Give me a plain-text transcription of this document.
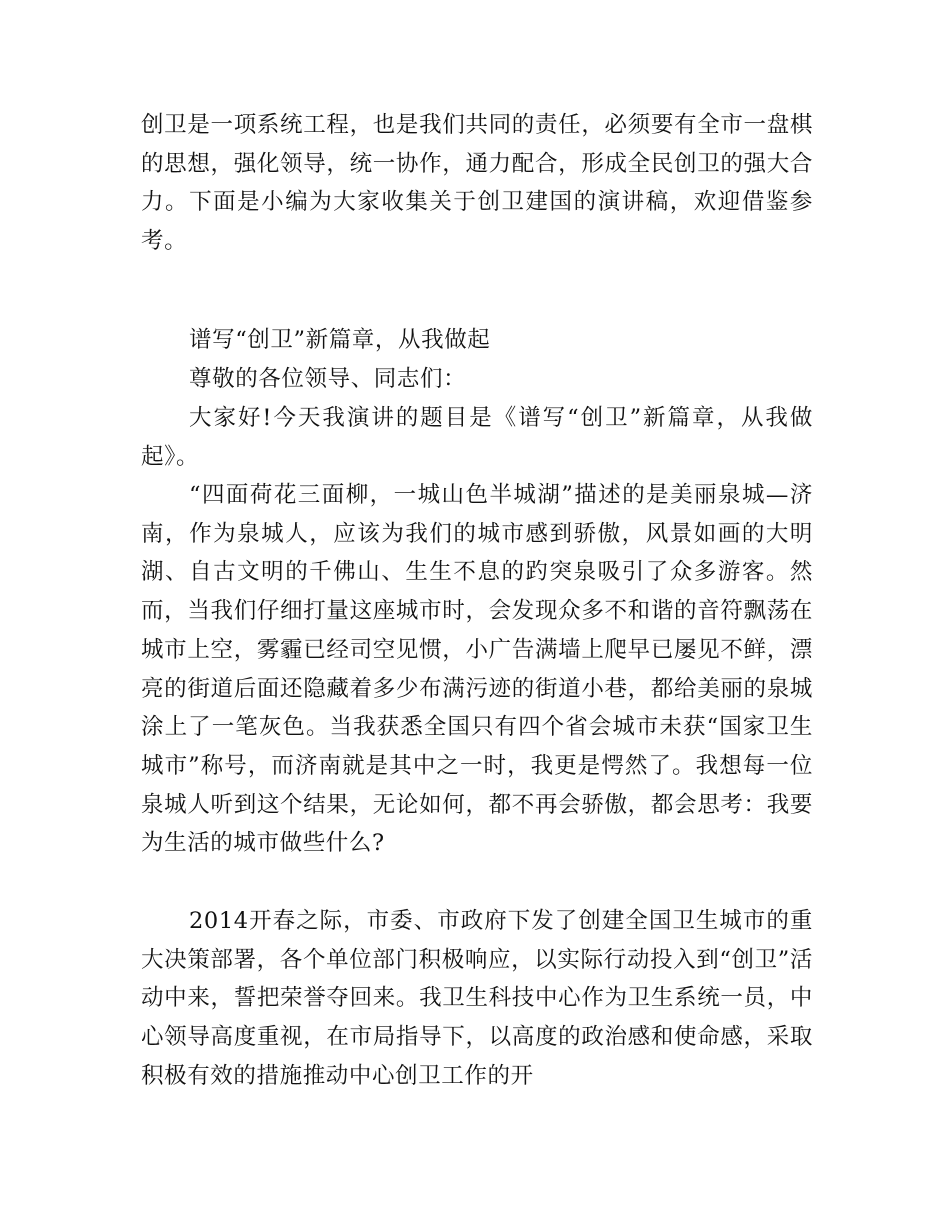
创卫是一项系统工程，也是我们共同的责任，必须要有全市一盘棋的思想，强化领导，统一协作，通力配合，形成全民创卫的强大合力。下面是小编为大家收集关于创卫建国的演讲稿，欢迎借鉴参考。

谱写“创卫”新篇章，从我做起

尊敬的各位领导、同志们：

大家好!今天我演讲的题目是《谱写“创卫”新篇章，从我做起》。

“四面荷花三面柳，一城山色半城湖”描述的是美丽泉城—济南，作为泉城人，应该为我们的城市感到骄傲，风景如画的大明湖、自古文明的千佛山、生生不息的趵突泉吸引了众多游客。然而，当我们仔细打量这座城市时，会发现众多不和谐的音符飘荡在城市上空，雾霾已经司空见惯，小广告满墙上爬早已屡见不鲜，漂亮的街道后面还隐藏着多少布满污迹的街道小巷，都给美丽的泉城涂上了一笔灰色。当我获悉全国只有四个省会城市未获“国家卫生城市”称号，而济南就是其中之一时，我更是愕然了。我想每一位泉城人听到这个结果，无论如何，都不再会骄傲，都会思考：我要为生活的城市做些什么?

2014开春之际，市委、市政府下发了创建全国卫生城市的重大决策部署，各个单位部门积极响应，以实际行动投入到“创卫”活动中来，誓把荣誉夺回来。我卫生科技中心作为卫生系统一员，中心领导高度重视，在市局指导下，以高度的政治感和使命感，采取积极有效的措施推动中心创卫工作的开
